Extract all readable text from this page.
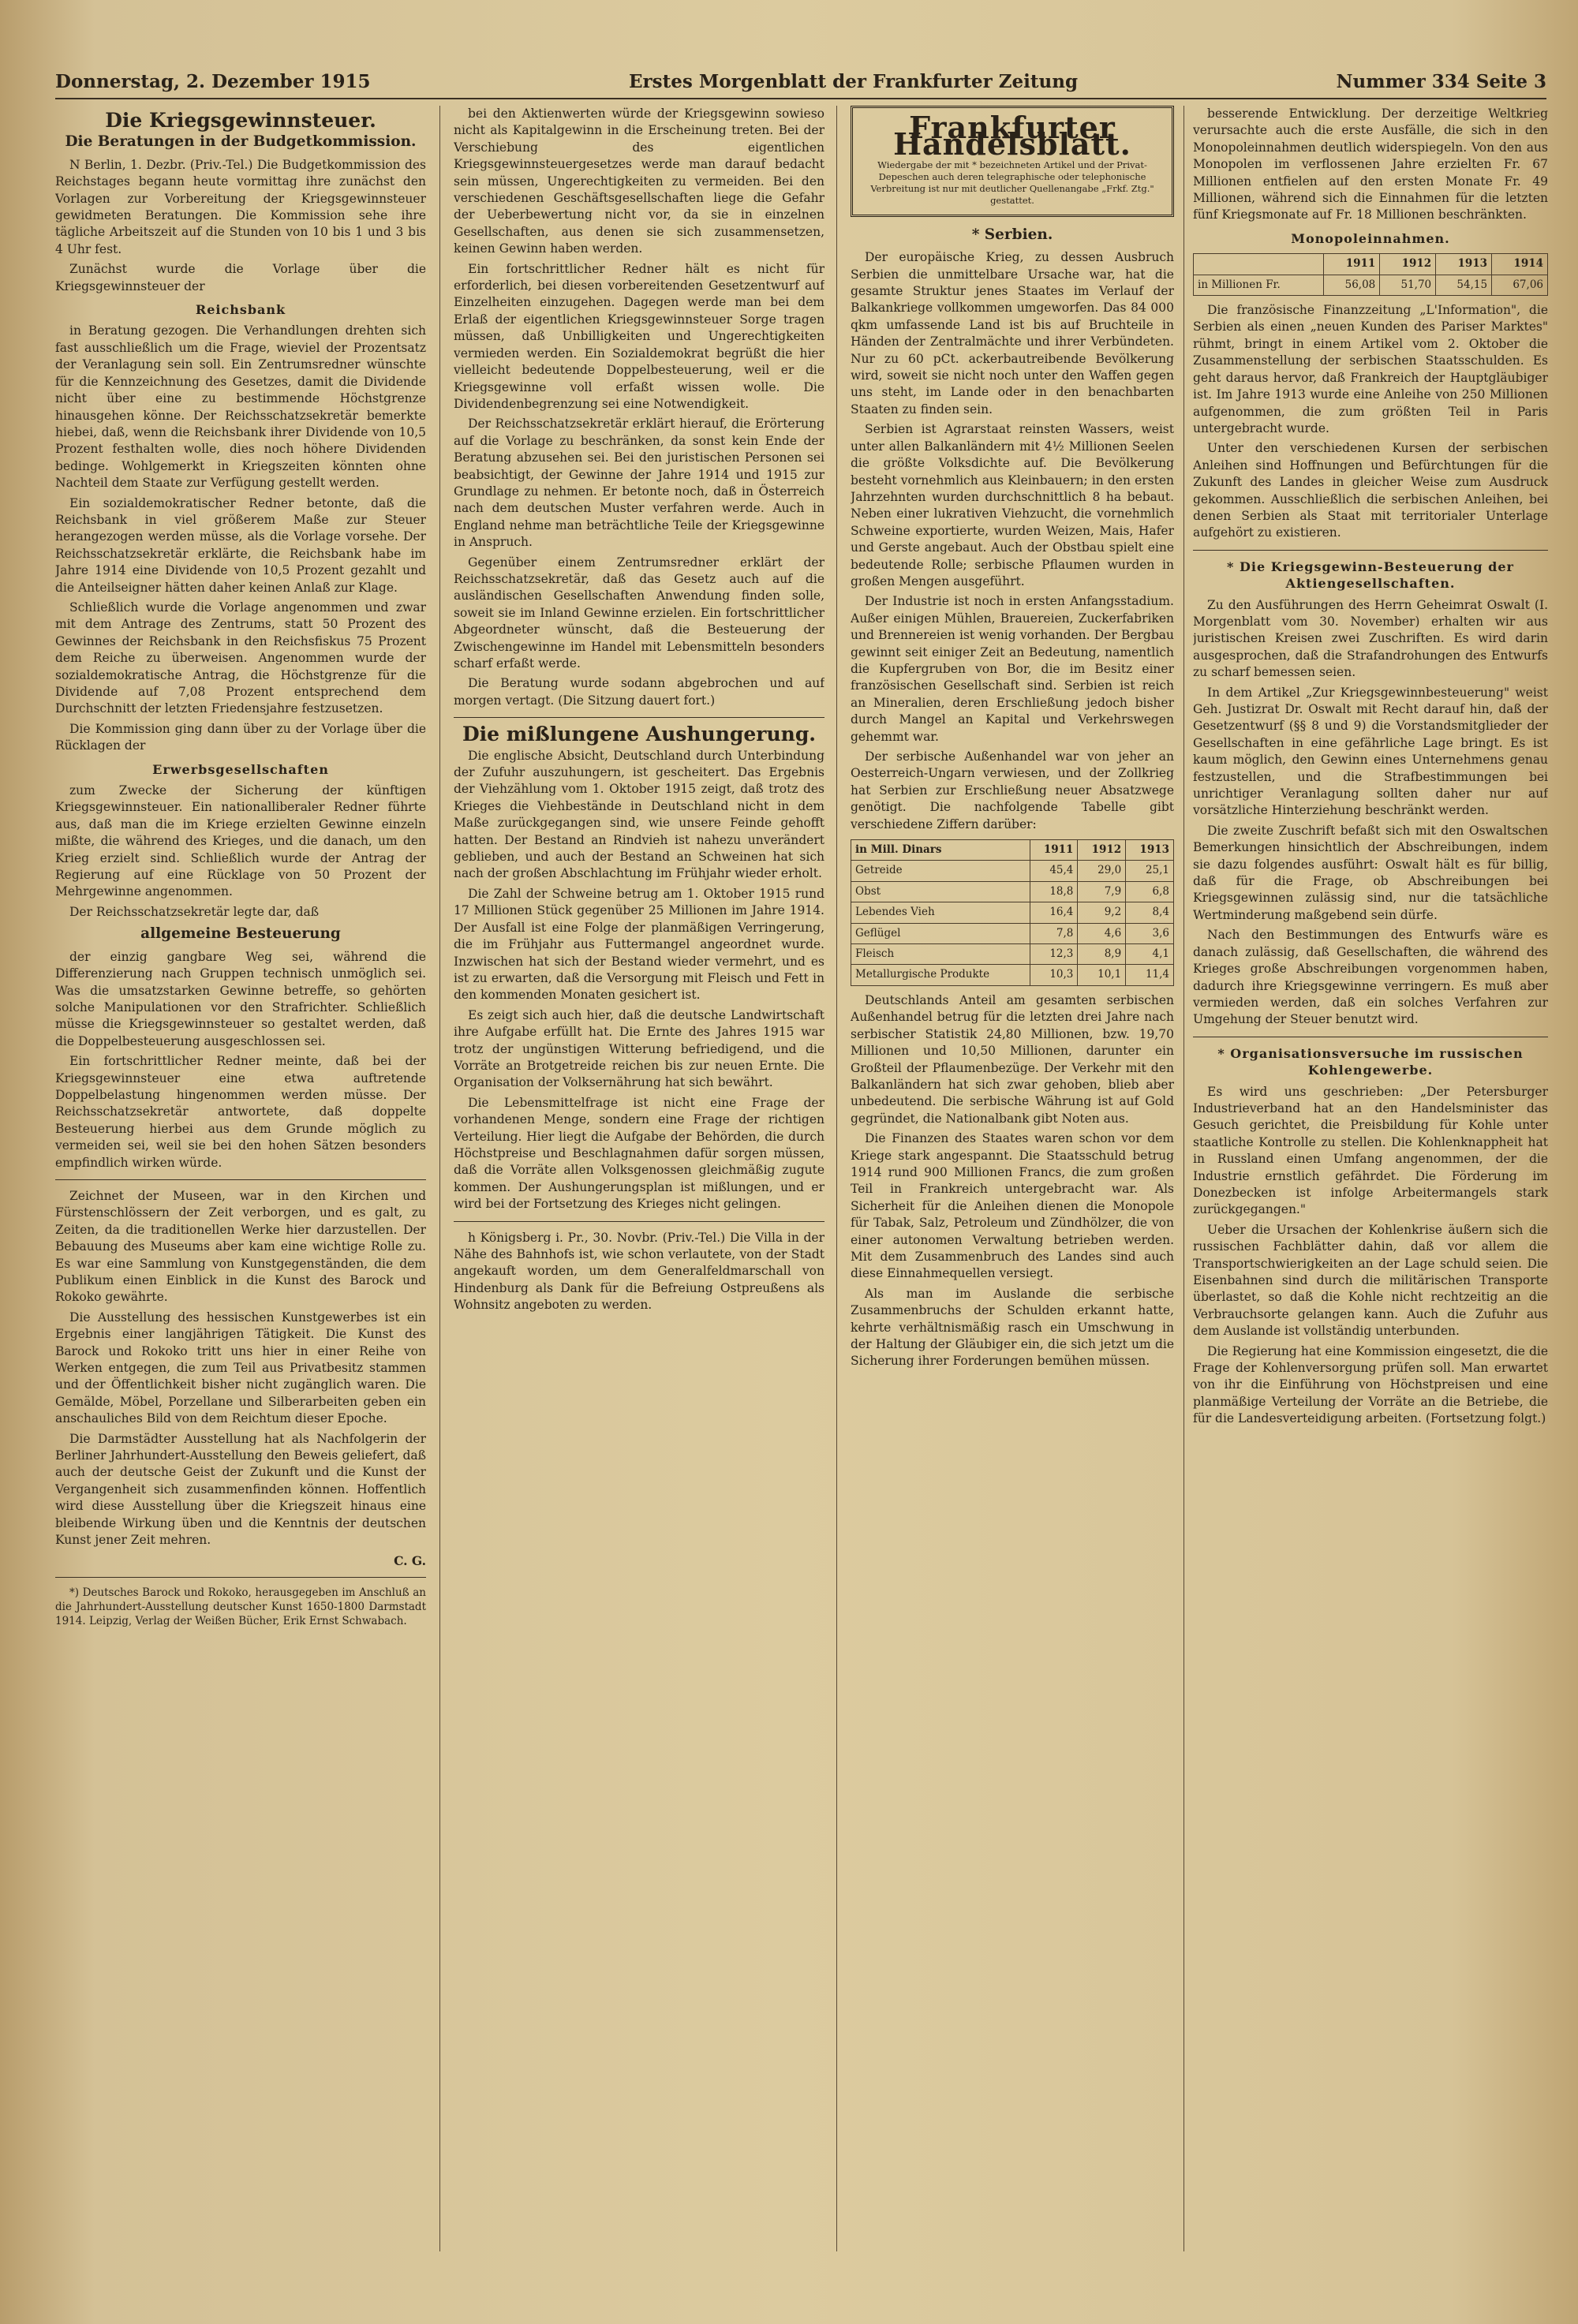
Donnerstag, 2. Dezember 1915	Erstes Morgenblatt der Frankfurter Zeitung	Nummer 334 Seite 3
Die Kriegsgewinnsteuer.
Die Beratungen in der Budgetkommission.

N Berlin, 1. Dezbr. (Priv.-Tel.) Die Budgetkommission des Reichstages begann heute vormittag ihre zunächst den Vorlagen zur Vorbereitung der Kriegsgewinnsteuer gewidmeten Beratungen. Die Kommission sehe ihre tägliche Arbeitszeit auf die Stunden von 10 bis 1 und 3 bis 4 Uhr fest.

Zunächst wurde die Vorlage über die Kriegsgewinnsteuer der

Reichsbank

in Beratung gezogen. Die Verhandlungen drehten sich fast ausschließlich um die Frage, wieviel der Prozentsatz der Veranlagung sein soll. Ein Zentrumsredner wünschte für die Kennzeichnung des Gesetzes, damit die Dividende nicht über eine zu bestimmende Höchstgrenze hinausgehen könne. Der Reichsschatzsekretär bemerkte hiebei, daß, wenn die Reichsbank ihrer Dividende von 10,5 Prozent festhalten wolle, dies noch höhere Dividenden bedinge. Wohlgemerkt in Kriegszeiten könnten ohne Nachteil dem Staate zur Verfügung gestellt werden.

Ein sozialdemokratischer Redner betonte, daß die Reichsbank in viel größerem Maße zur Steuer herangezogen werden müsse, als die Vorlage vorsehe. Der Reichsschatzsekretär erklärte, die Reichsbank habe im Jahre 1914 eine Dividende von 10,5 Prozent gezahlt und die Anteilseigner hätten daher keinen Anlaß zur Klage.

Schließlich wurde die Vorlage angenommen und zwar mit dem Antrage des Zentrums, statt 50 Prozent des Gewinnes der Reichsbank in den Reichsfiskus 75 Prozent dem Reiche zu überweisen. Angenommen wurde der sozialdemokratische Antrag, die Höchstgrenze für die Dividende auf 7,08 Prozent entsprechend dem Durchschnitt der letzten Friedensjahre festzusetzen.

Die Kommission ging dann über zu der Vorlage über die Rücklagen der

Erwerbsgesellschaften

zum Zwecke der Sicherung der künftigen Kriegsgewinnsteuer. Ein nationalliberaler Redner führte aus, daß man die im Kriege erzielten Gewinne einzeln mißte, die während des Krieges, und die danach, um den Krieg erzielt sind. Schließlich wurde der Antrag der Regierung auf eine Rücklage von 50 Prozent der Mehrgewinne angenommen.

Der Reichsschatzsekretär legte dar, daß

allgemeine Besteuerung

der einzig gangbare Weg sei, während die Differenzierung nach Gruppen technisch unmöglich sei. Was die umsatzstarken Gewinne betreffe, so gehörten solche Manipulationen vor den Strafrichter. Schließlich müsse die Kriegsgewinnsteuer so gestaltet werden, daß die Doppelbesteuerung ausgeschlossen sei.

Ein fortschrittlicher Redner meinte, daß bei der Kriegsgewinnsteuer eine etwa auftretende Doppelbelastung hingenommen werden müsse. Der Reichsschatzsekretär antwortete, daß doppelte Besteuerung hierbei aus dem Grunde möglich zu vermeiden sei, weil sie bei den hohen Sätzen besonders empfindlich wirken würde.

Zeichnet der Museen, war in den Kirchen und Fürstenschlössern der Zeit verborgen, und es galt, zu Zeiten, da die traditionellen Werke hier darzustellen. Der Bebauung des Museums aber kam eine wichtige Rolle zu. Es war eine Sammlung von Kunstgegenständen, die dem Publikum einen Einblick in die Kunst des Barock und Rokoko gewährte.

Die Ausstellung des hessischen Kunstgewerbes ist ein Ergebnis einer langjährigen Tätigkeit. Die Kunst des Barock und Rokoko tritt uns hier in einer Reihe von Werken entgegen, die zum Teil aus Privatbesitz stammen und der Öffentlichkeit bisher nicht zugänglich waren. Die Gemälde, Möbel, Porzellane und Silberarbeiten geben ein anschauliches Bild von dem Reichtum dieser Epoche.

Die Darmstädter Ausstellung hat als Nachfolgerin der Berliner Jahrhundert-Ausstellung den Beweis geliefert, daß auch der deutsche Geist der Zukunft und die Kunst der Vergangenheit sich zusammenfinden können. Hoffentlich wird diese Ausstellung über die Kriegszeit hinaus eine bleibende Wirkung üben und die Kenntnis der deutschen Kunst jener Zeit mehren.

C. G.

*) Deutsches Barock und Rokoko, herausgegeben im Anschluß an die Jahrhundert-Ausstellung deutscher Kunst 1650-1800 Darmstadt 1914. Leipzig, Verlag der Weißen Bücher, Erik Ernst Schwabach.

bei den Aktienwerten würde der Kriegsgewinn sowieso nicht als Kapitalgewinn in die Erscheinung treten. Bei der Verschiebung des eigentlichen Kriegsgewinnsteuergesetzes werde man darauf bedacht sein müssen, Ungerechtigkeiten zu vermeiden. Bei den verschiedenen Geschäftsgesellschaften liege die Gefahr der Ueberbewertung nicht vor, da sie in einzelnen Gesellschaften, aus denen sie sich zusammensetzen, keinen Gewinn haben werden.

Ein fortschrittlicher Redner hält es nicht für erforderlich, bei diesen vorbereitenden Gesetzentwurf auf Einzelheiten einzugehen. Dagegen werde man bei dem Erlaß der eigentlichen Kriegsgewinnsteuer Sorge tragen müssen, daß Unbilligkeiten und Ungerechtigkeiten vermieden werden. Ein Sozialdemokrat begrüßt die hier vielleicht bedeutende Doppelbesteuerung, weil er die Kriegsgewinne voll erfaßt wissen wolle. Die Dividendenbegrenzung sei eine Notwendigkeit.

Der Reichsschatzsekretär erklärt hierauf, die Erörterung auf die Vorlage zu beschränken, da sonst kein Ende der Beratung abzusehen sei. Bei den juristischen Personen sei beabsichtigt, der Gewinne der Jahre 1914 und 1915 zur Grundlage zu nehmen. Er betonte noch, daß in Österreich nach dem deutschen Muster verfahren werde. Auch in England nehme man beträchtliche Teile der Kriegsgewinne in Anspruch.

Gegenüber einem Zentrumsredner erklärt der Reichsschatzsekretär, daß das Gesetz auch auf die ausländischen Gesellschaften Anwendung finden solle, soweit sie im Inland Gewinne erzielen. Ein fortschrittlicher Abgeordneter wünscht, daß die Besteuerung der Zwischengewinne im Handel mit Lebensmitteln besonders scharf erfaßt werde.

Die Beratung wurde sodann abgebrochen und auf morgen vertagt. (Die Sitzung dauert fort.)

Die mißlungene Aushungerung.

Die englische Absicht, Deutschland durch Unterbindung der Zufuhr auszuhungern, ist gescheitert. Das Ergebnis der Viehzählung vom 1. Oktober 1915 zeigt, daß trotz des Krieges die Viehbestände in Deutschland nicht in dem Maße zurückgegangen sind, wie unsere Feinde gehofft hatten. Der Bestand an Rindvieh ist nahezu unverändert geblieben, und auch der Bestand an Schweinen hat sich nach der großen Abschlachtung im Frühjahr wieder erholt.

Die Zahl der Schweine betrug am 1. Oktober 1915 rund 17 Millionen Stück gegenüber 25 Millionen im Jahre 1914. Der Ausfall ist eine Folge der planmäßigen Verringerung, die im Frühjahr aus Futtermangel angeordnet wurde. Inzwischen hat sich der Bestand wieder vermehrt, und es ist zu erwarten, daß die Versorgung mit Fleisch und Fett in den kommenden Monaten gesichert ist.

Es zeigt sich auch hier, daß die deutsche Landwirtschaft ihre Aufgabe erfüllt hat. Die Ernte des Jahres 1915 war trotz der ungünstigen Witterung befriedigend, und die Vorräte an Brotgetreide reichen bis zur neuen Ernte. Die Organisation der Volksernährung hat sich bewährt.

Die Lebensmittelfrage ist nicht eine Frage der vorhandenen Menge, sondern eine Frage der richtigen Verteilung. Hier liegt die Aufgabe der Behörden, die durch Höchstpreise und Beschlagnahmen dafür sorgen müssen, daß die Vorräte allen Volksgenossen gleichmäßig zugute kommen. Der Aushungerungsplan ist mißlungen, und er wird bei der Fortsetzung des Krieges nicht gelingen.

h Königsberg i. Pr., 30. Novbr. (Priv.-Tel.) Die Villa in der Nähe des Bahnhofs ist, wie schon verlautete, von der Stadt angekauft worden, um dem Generalfeldmarschall von Hindenburg als Dank für die Befreiung Ostpreußens als Wohnsitz angeboten zu werden.

Frankfurter Handelsblatt.
Wiedergabe der mit * bezeichneten Artikel und der Privat-Depeschen auch deren telegraphische oder telephonische Verbreitung ist nur mit deutlicher Quellenangabe „Frkf. Ztg." gestattet.
* Serbien.

Der europäische Krieg, zu dessen Ausbruch Serbien die unmittelbare Ursache war, hat die gesamte Struktur jenes Staates im Verlauf der Balkankriege vollkommen umgeworfen. Das 84 000 qkm umfassende Land ist bis auf Bruchteile in Händen der Zentralmächte und ihrer Verbündeten. Nur zu 60 pCt. ackerbautreibende Bevölkerung wird, soweit sie nicht noch unter den Waffen gegen uns steht, im Lande oder in den benachbarten Staaten zu finden sein.

Serbien ist Agrarstaat reinsten Wassers, weist unter allen Balkanländern mit 4½ Millionen Seelen die größte Volksdichte auf. Die Bevölkerung besteht vornehmlich aus Kleinbauern; in den ersten Jahrzehnten wurden durchschnittlich 8 ha bebaut. Neben einer lukrativen Viehzucht, die vornehmlich Schweine exportierte, wurden Weizen, Mais, Hafer und Gerste angebaut. Auch der Obstbau spielt eine bedeutende Rolle; serbische Pflaumen wurden in großen Mengen ausgeführt.

Der Industrie ist noch in ersten Anfangsstadium. Außer einigen Mühlen, Brauereien, Zuckerfabriken und Brennereien ist wenig vorhanden. Der Bergbau gewinnt seit einiger Zeit an Bedeutung, namentlich die Kupfergruben von Bor, die im Besitz einer französischen Gesellschaft sind. Serbien ist reich an Mineralien, deren Erschließung jedoch bisher durch Mangel an Kapital und Verkehrswegen gehemmt war.

Der serbische Außenhandel war von jeher an Oesterreich-Ungarn verwiesen, und der Zollkrieg hat Serbien zur Erschließung neuer Absatzwege genötigt. Die nachfolgende Tabelle gibt verschiedene Ziffern darüber:

in Mill. Dinars	1911	1912	1913
Getreide	45,4	29,0	25,1
Obst	18,8	7,9	6,8
Lebendes Vieh	16,4	9,2	8,4
Geflügel	7,8	4,6	3,6
Fleisch	12,3	8,9	4,1
Metallurgische Produkte	10,3	10,1	11,4

Deutschlands Anteil am gesamten serbischen Außenhandel betrug für die letzten drei Jahre nach serbischer Statistik 24,80 Millionen, bzw. 19,70 Millionen und 10,50 Millionen, darunter ein Großteil der Pflaumenbezüge. Der Verkehr mit den Balkanländern hat sich zwar gehoben, blieb aber unbedeutend. Die serbische Währung ist auf Gold gegründet, die Nationalbank gibt Noten aus.

Die Finanzen des Staates waren schon vor dem Kriege stark angespannt. Die Staatsschuld betrug 1914 rund 900 Millionen Francs, die zum großen Teil in Frankreich untergebracht war. Als Sicherheit für die Anleihen dienen die Monopole für Tabak, Salz, Petroleum und Zündhölzer, die von einer autonomen Verwaltung betrieben werden. Mit dem Zusammenbruch des Landes sind auch diese Einnahmequellen versiegt.

Als man im Auslande die serbische Zusammenbruchs der Schulden erkannt hatte, kehrte verhältnismäßig rasch ein Umschwung in der Haltung der Gläubiger ein, die sich jetzt um die Sicherung ihrer Forderungen bemühen müssen.

besserende Entwicklung. Der derzeitige Weltkrieg verursachte auch die erste Ausfälle, die sich in den Monopoleinnahmen deutlich widerspiegeln. Von den aus Monopolen im verflossenen Jahre erzielten Fr. 67 Millionen entfielen auf den ersten Monate Fr. 49 Millionen, während sich die Einnahmen für die letzten fünf Kriegsmonate auf Fr. 18 Millionen beschränkten.

Monopoleinnahmen.
	1911	1912	1913	1914
in Millionen Fr.	56,08	51,70	54,15	67,06

Die französische Finanzzeitung „L'Information", die Serbien als einen „neuen Kunden des Pariser Marktes" rühmt, bringt in einem Artikel vom 2. Oktober die Zusammenstellung der serbischen Staatsschulden. Es geht daraus hervor, daß Frankreich der Hauptgläubiger ist. Im Jahre 1913 wurde eine Anleihe von 250 Millionen aufgenommen, die zum größten Teil in Paris untergebracht wurde.

Unter den verschiedenen Kursen der serbischen Anleihen sind Hoffnungen und Befürchtungen für die Zukunft des Landes in gleicher Weise zum Ausdruck gekommen. Ausschließlich die serbischen Anleihen, bei denen Serbien als Staat mit territorialer Unterlage aufgehört zu existieren.

* Die Kriegsgewinn-Besteuerung der Aktiengesellschaften.

Zu den Ausführungen des Herrn Geheimrat Oswalt (I. Morgenblatt vom 30. November) erhalten wir aus juristischen Kreisen zwei Zuschriften. Es wird darin ausgesprochen, daß die Strafandrohungen des Entwurfs zu scharf bemessen seien.

In dem Artikel „Zur Kriegsgewinnbesteuerung" weist Geh. Justizrat Dr. Oswalt mit Recht darauf hin, daß der Gesetzentwurf (§§ 8 und 9) die Vorstandsmitglieder der Gesellschaften in eine gefährliche Lage bringt. Es ist kaum möglich, den Gewinn eines Unternehmens genau festzustellen, und die Strafbestimmungen bei unrichtiger Veranlagung sollten daher nur auf vorsätzliche Hinterziehung beschränkt werden.

Die zweite Zuschrift befaßt sich mit den Oswaltschen Bemerkungen hinsichtlich der Abschreibungen, indem sie dazu folgendes ausführt: Oswalt hält es für billig, daß für die Frage, ob Abschreibungen bei Kriegsgewinnen zulässig sind, nur die tatsächliche Wertminderung maßgebend sein dürfe.

Nach den Bestimmungen des Entwurfs wäre es danach zulässig, daß Gesellschaften, die während des Krieges große Abschreibungen vorgenommen haben, dadurch ihre Kriegsgewinne verringern. Es muß aber vermieden werden, daß ein solches Verfahren zur Umgehung der Steuer benutzt wird.

* Organisationsversuche im russischen Kohlengewerbe.

Es wird uns geschrieben: „Der Petersburger Industrieverband hat an den Handelsminister das Gesuch gerichtet, die Preisbildung für Kohle unter staatliche Kontrolle zu stellen. Die Kohlenknappheit hat in Russland einen Umfang angenommen, der die Industrie ernstlich gefährdet. Die Förderung im Donezbecken ist infolge Arbeitermangels stark zurückgegangen."

Ueber die Ursachen der Kohlenkrise äußern sich die russischen Fachblätter dahin, daß vor allem die Transportschwierigkeiten an der Lage schuld seien. Die Eisenbahnen sind durch die militärischen Transporte überlastet, so daß die Kohle nicht rechtzeitig an die Verbrauchsorte gelangen kann. Auch die Zufuhr aus dem Auslande ist vollständig unterbunden.

Die Regierung hat eine Kommission eingesetzt, die die Frage der Kohlenversorgung prüfen soll. Man erwartet von ihr die Einführung von Höchstpreisen und eine planmäßige Verteilung der Vorräte an die Betriebe, die für die Landesverteidigung arbeiten. (Fortsetzung folgt.)
